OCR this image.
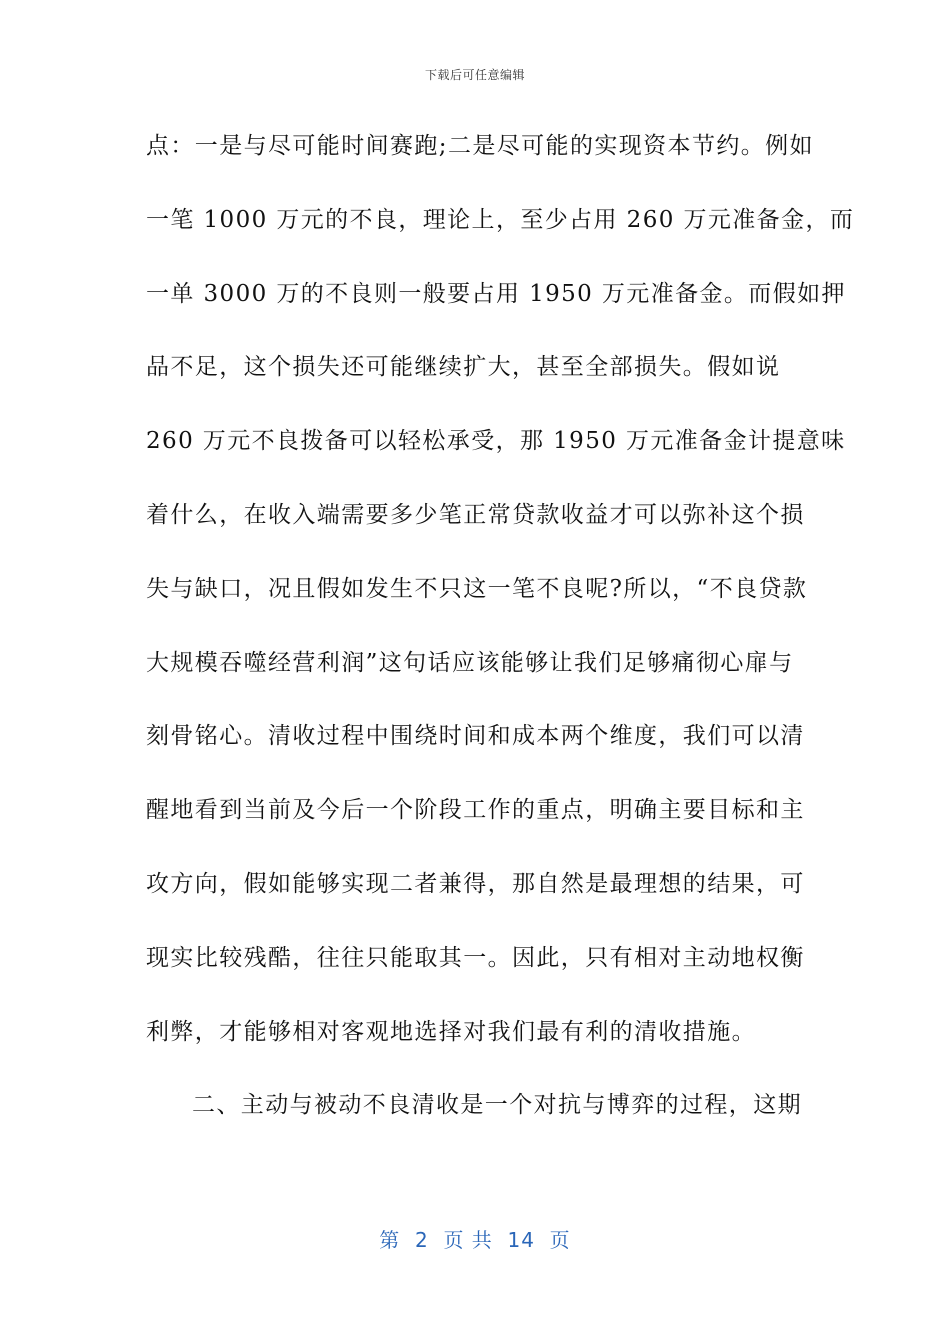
下载后可任意编辑
点：一是与尽可能时间赛跑;二是尽可能的实现资本节约。例如
一笔 1000 万元的不良，理论上，至少占用 260 万元准备金，而
一单 3000 万的不良则一般要占用 1950 万元准备金。而假如押
品不足，这个损失还可能继续扩大，甚至全部损失。假如说
260 万元不良拨备可以轻松承受，那 1950 万元准备金计提意味
着什么，在收入端需要多少笔正常贷款收益才可以弥补这个损
失与缺口，况且假如发生不只这一笔不良呢?所以，“不良贷款
大规模吞噬经营利润”这句话应该能够让我们足够痛彻心扉与
刻骨铭心。清收过程中围绕时间和成本两个维度，我们可以清
醒地看到当前及今后一个阶段工作的重点，明确主要目标和主
攻方向，假如能够实现二者兼得，那自然是最理想的结果，可
现实比较残酷，往往只能取其一。因此，只有相对主动地权衡
利弊，才能够相对客观地选择对我们最有利的清收措施。
二、主动与被动不良清收是一个对抗与博弈的过程，这期
第  2  页 共  14  页
